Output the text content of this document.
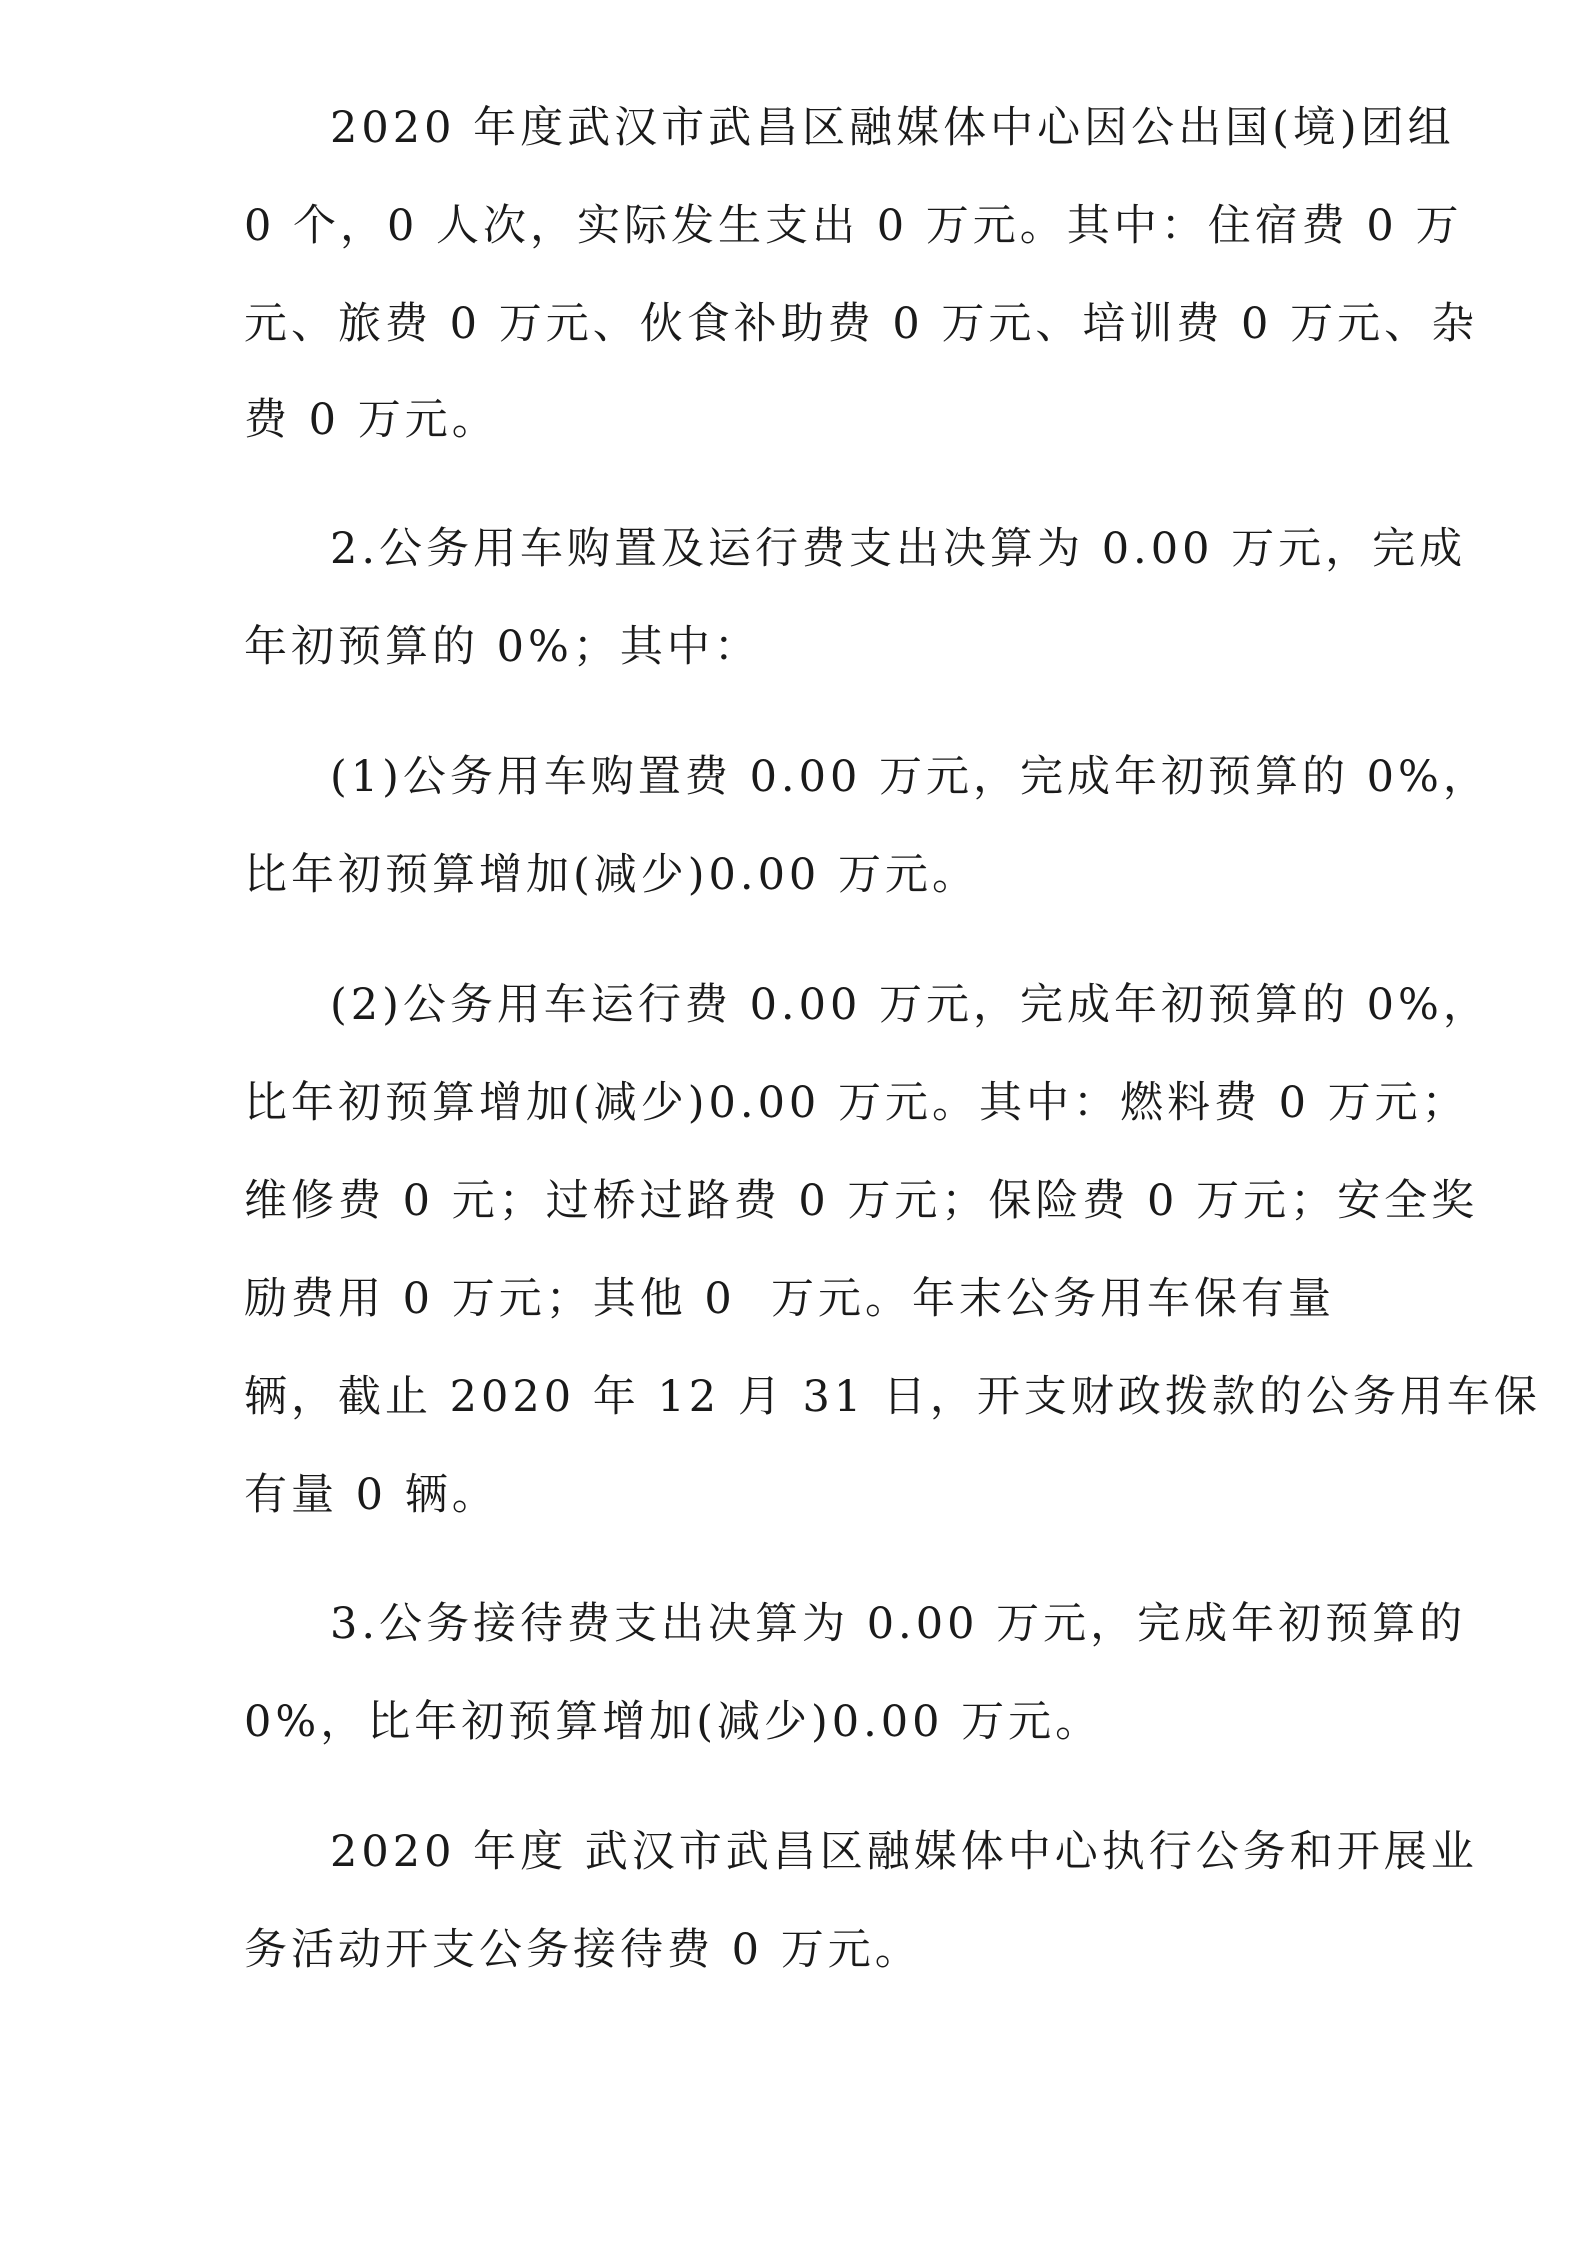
2020 年度武汉市武昌区融媒体中心因公出国(境)团组

0 个，0 人次，实际发生支出 0 万元。其中：住宿费 0 万

元、旅费 0 万元、伙食补助费 0 万元、培训费 0 万元、杂

费 0 万元。

2.公务用车购置及运行费支出决算为 0.00 万元，完成

年初预算的 0%；其中：

(1)公务用车购置费 0.00 万元，完成年初预算的 0%，

比年初预算增加(减少)0.00 万元。

(2)公务用车运行费 0.00 万元，完成年初预算的 0%，

比年初预算增加(减少)0.00 万元。其中：燃料费 0 万元；

维修费 0 元；过桥过路费 0 万元；保险费 0 万元；安全奖

励费用 0 万元；其他 0  万元。年末公务用车保有量

辆，截止 2020 年 12 月 31 日，开支财政拨款的公务用车保

有量 0 辆。

3.公务接待费支出决算为 0.00 万元，完成年初预算的

0%，比年初预算增加(减少)0.00 万元。

2020 年度 武汉市武昌区融媒体中心执行公务和开展业

务活动开支公务接待费 0 万元。
